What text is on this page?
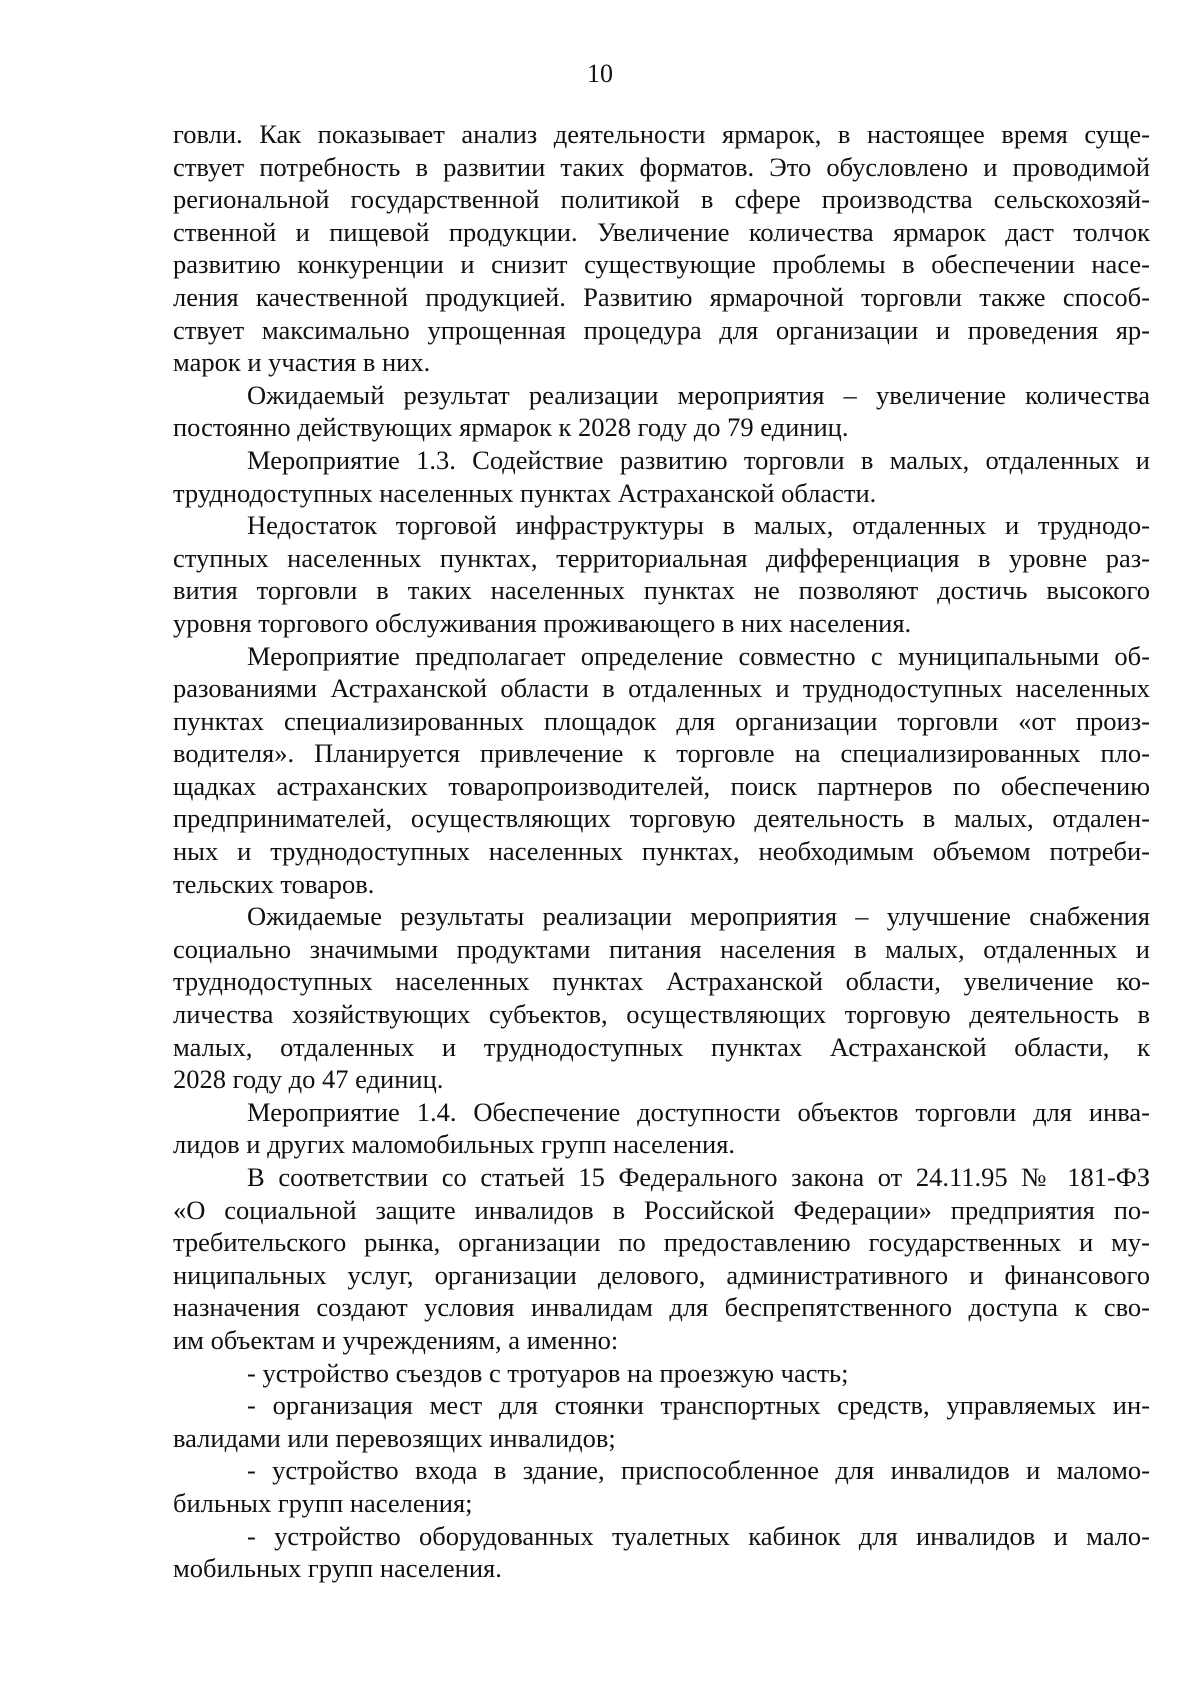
10
говли. Как показывает анализ деятельности ярмарок, в настоящее время суще-
ствует потребность в развитии таких форматов. Это обусловлено и проводимой
региональной государственной политикой в сфере производства сельскохозяй-
ственной и пищевой продукции. Увеличение количества ярмарок даст толчок
развитию конкуренции и снизит существующие проблемы в обеспечении насе-
ления качественной продукцией. Развитию ярмарочной торговли также способ-
ствует максимально упрощенная процедура для организации и проведения яр-
марок и участия в них.
Ожидаемый результат реализации мероприятия – увеличение количества
постоянно действующих ярмарок к 2028 году до 79 единиц.
Мероприятие 1.3. Содействие развитию торговли в малых, отдаленных и
труднодоступных населенных пунктах Астраханской области.
Недостаток торговой инфраструктуры в малых, отдаленных и труднодо-
ступных населенных пунктах, территориальная дифференциация в уровне раз-
вития торговли в таких населенных пунктах не позволяют достичь высокого
уровня торгового обслуживания проживающего в них населения.
Мероприятие предполагает определение совместно с муниципальными об-
разованиями Астраханской области в отдаленных и труднодоступных населенных
пунктах специализированных площадок для организации торговли «от произ-
водителя». Планируется привлечение к торговле на специализированных пло-
щадках астраханских товаропроизводителей, поиск партнеров по обеспечению
предпринимателей, осуществляющих торговую деятельность в малых, отдален-
ных и труднодоступных населенных пунктах, необходимым объемом потреби-
тельских товаров.
Ожидаемые результаты реализации мероприятия – улучшение снабжения
социально значимыми продуктами питания населения в малых, отдаленных и
труднодоступных населенных пунктах Астраханской области, увеличение ко-
личества хозяйствующих субъектов, осуществляющих торговую деятельность в
малых, отдаленных и труднодоступных пунктах Астраханской области, к
2028 году до 47 единиц.
Мероприятие 1.4. Обеспечение доступности объектов торговли для инва-
лидов и других маломобильных групп населения.
В соответствии со статьей 15 Федерального закона от 24.11.95 № 181-ФЗ
«О социальной защите инвалидов в Российской Федерации» предприятия по-
требительского рынка, организации по предоставлению государственных и му-
ниципальных услуг, организации делового, административного и финансового
назначения создают условия инвалидам для беспрепятственного доступа к сво-
им объектам и учреждениям, а именно:
- устройство съездов с тротуаров на проезжую часть;
- организация мест для стоянки транспортных средств, управляемых ин-
валидами или перевозящих инвалидов;
- устройство входа в здание, приспособленное для инвалидов и маломо-
бильных групп населения;
- устройство оборудованных туалетных кабинок для инвалидов и мало-
мобильных групп населения.
